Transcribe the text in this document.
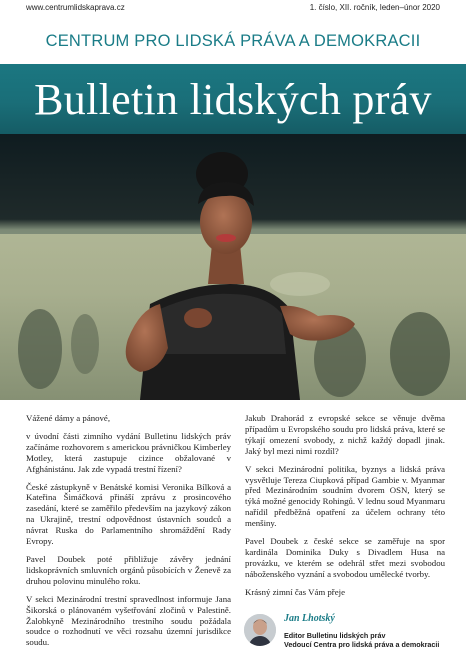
www.centrumlidskaprava.cz	1. číslo, XII. ročník, leden–únor 2020
CENTRUM PRO LIDSKÁ PRÁVA A DEMOKRACII
Bulletin lidských práv

Vážené dámy a pánové,

v úvodní části zimního vydání Bulletinu lidských práv začínáme rozhovorem s americkou právničkou Kimberley Motley, která zastupuje cizince obžalované v Afghánistánu. Jak zde vypadá trestní řízení?

České zástupkyně v Benátské komisi Veronika Bílková a Kateřina Šimáčková přináší zprávu z prosincového zasedání, které se zaměřilo především na jazykový zákon na Ukrajině, trestní odpovědnost ústavních soudců a návrat Ruska do Parlamentního shromáždění Rady Evropy.

Pavel Doubek poté přibližuje závěry jednání lidskoprávních smluvních orgánů působících v Ženevě za druhou polovinu minulého roku.

V sekci Mezinárodní trestní spravedlnost informuje Jana Šikorská o plánovaném vyšetřování zločinů v Palestině. Žalobkyně Mezinárodního trestního soudu požádala soudce o rozhodnutí ve věci rozsahu územní jurisdikce soudu.

Jakub Drahorád z evropské sekce se věnuje dvěma případům u Evropského soudu pro lidská práva, které se týkají omezení svobody, z nichž každý dopadl jinak. Jaký byl mezi nimi rozdíl?

V sekci Mezinárodní politika, byznys a lidská práva vysvětluje Tereza Ciupková případ Gambie v. Myanmar před Mezinárodním soudním dvorem OSN, který se týká možné genocidy Rohingů. V lednu soud Myanmaru nařídil předběžná opatření za účelem ochrany této menšiny.

Pavel Doubek z české sekce se zaměřuje na spor kardinála Dominika Duky s Divadlem Husa na provázku, ve kterém se odehrál střet mezi svobodou náboženského vyznání a svobodou umělecké tvorby.

Krásný zimní čas Vám přeje

Jan Lhotský
Editor Bulletinu lidských práv
Vedoucí Centra pro lidská práva a demokracii
